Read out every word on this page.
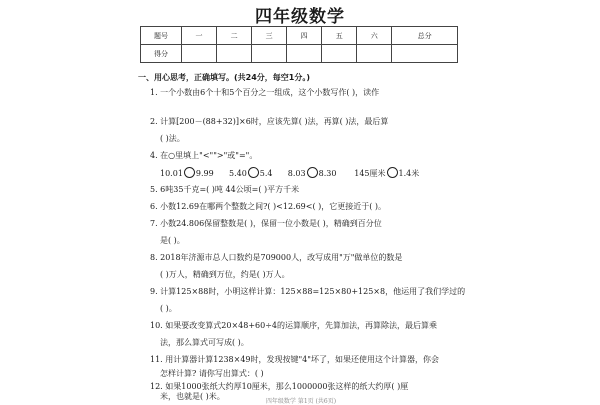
四年级数学
题号	一	二	三	四	五	六	总分
得分							
一、用心思考，正确填写。(共24分，每空1分。)
1. 一个小数由6个十和5个百分之一组成，这个小数写作( )，读作
2. 计算[200－(88+32)]×6时，应该先算( )法，再算( )法，最后算
( )法。
4. 在○里填上"<"">"或"="。
10.01 9.99 5.40 5.4 8.03 8.30 145厘米 1.4米
5. 6吨35千克=( )吨 44公顷=( )平方千米
6. 小数12.69在哪两个整数之间?( )<12.69<( )，它更接近于( )。
7. 小数24.806保留整数是( )，保留一位小数是( )，精确到百分位
是( )。
8. 2018年济源市总人口数约是709000人，改写成用"万"做单位的数是
( )万人，精确到万位，约是( )万人。
9. 计算125×88时，小明这样计算：125×88=125×80+125×8，他运用了我们学过的
( )。
10. 如果要改变算式20×48+60÷4的运算顺序，先算加法，再算除法，最后算乘
法，那么算式可写成( )。
11. 用计算器计算1238×49时，发现按键"4"坏了，如果还使用这个计算器，你会
怎样计算? 请你写出算式：( )
12. 如果1000张纸大约厚10厘米，那么1000000张这样的纸大约厚( )厘
米，也就是( )米。
四年级数学 第1页 (共6页)
